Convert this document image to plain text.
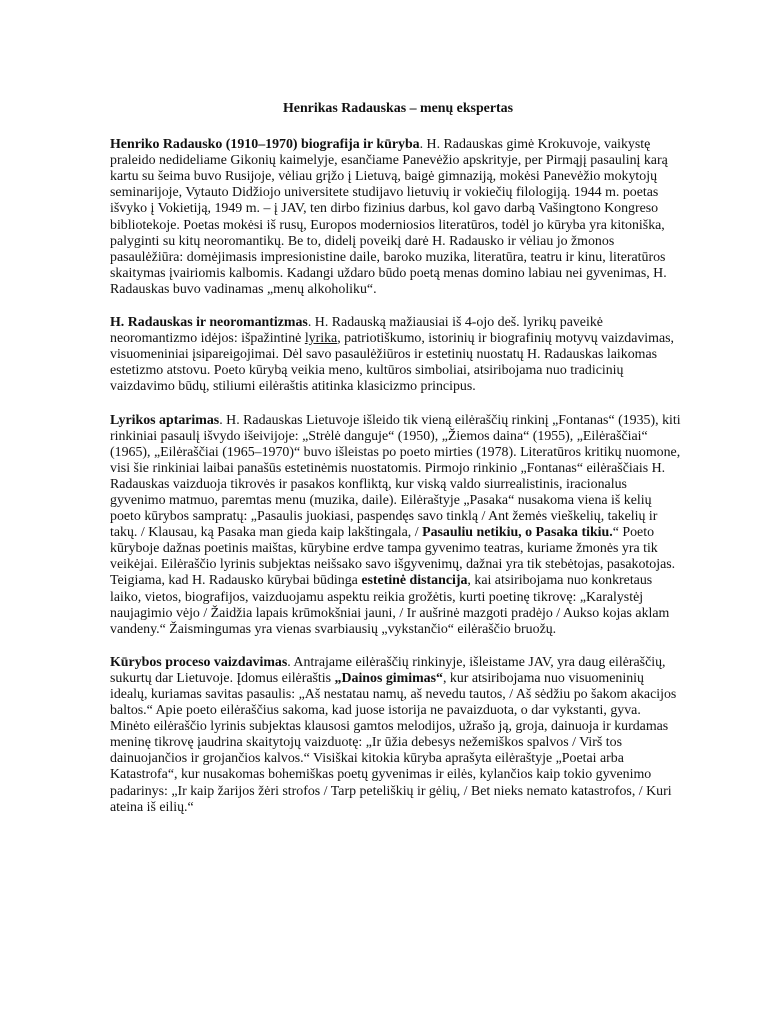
Henrikas Radauskas – menų ekspertas

Henriko Radausko (1910–1970) biografija ir kūryba. H. Radauskas gimė Krokuvoje, vaikystę praleido nedideliame Gikonių kaimelyje, esančiame Panevėžio apskrityje, per Pirmąjį pasaulinį karą kartu su šeima buvo Rusijoje, vėliau grįžo į Lietuvą, baigė gimnaziją, mokėsi Panevėžio mokytojų seminarijoje, Vytauto Didžiojo universitete studijavo lietuvių ir vokiečių filologiją. 1944 m. poetas išvyko į Vokietiją, 1949 m. – į JAV, ten dirbo fizinius darbus, kol gavo darbą Vašingtono Kongreso bibliotekoje. Poetas mokėsi iš rusų, Europos moderniosios literatūros, todėl jo kūryba yra kitoniška, palyginti su kitų neoromantikų. Be to, didelį poveikį darė H. Radausko ir vėliau jo žmonos pasaulėžiūra: domėjimasis impresionistine daile, baroko muzika, literatūra, teatru ir kinu, literatūros skaitymas įvairiomis kalbomis. Kadangi uždaro būdo poetą menas domino labiau nei gyvenimas, H. Radauskas buvo vadinamas „menų alkoholiku“.

H. Radauskas ir neoromantizmas. H. Radauską mažiausiai iš 4-ojo deš. lyrikų paveikė neoromantizmo idėjos: išpažintinė lyrika, patriotiškumo, istorinių ir biografinių motyvų vaizdavimas, visuomeniniai įsipareigojimai. Dėl savo pasaulėžiūros ir estetinių nuostatų H. Radauskas laikomas estetizmo atstovu. Poeto kūrybą veikia meno, kultūros simboliai, atsiribojama nuo tradicinių vaizdavimo būdų, stiliumi eilėraštis atitinka klasicizmo principus.

Lyrikos aptarimas. H. Radauskas Lietuvoje išleido tik vieną eilėraščių rinkinį „Fontanas“ (1935), kiti rinkiniai pasaulį išvydo išeivijoje: „Strėlė danguje“ (1950), „Žiemos daina“ (1955), „Eilėraščiai“ (1965), „Eilėraščiai (1965–1970)“ buvo išleistas po poeto mirties (1978). Literatūros kritikų nuomone, visi šie rinkiniai laibai panašūs estetinėmis nuostatomis. Pirmojo rinkinio „Fontanas“ eilėraščiais H. Radauskas vaizduoja tikrovės ir pasakos konfliktą, kur viską valdo siurrealistinis, iracionalus gyvenimo matmuo, paremtas menu (muzika, daile). Eilėraštyje „Pasaka“ nusakoma viena iš kelių poeto kūrybos sampratų: „Pasaulis juokiasi, paspendęs savo tinklą / Ant žemės vieškelių, takelių ir takų. / Klausau, ką Pasaka man gieda kaip lakštingala, / Pasauliu netikiu, o Pasaka tikiu.“ Poeto kūryboje dažnas poetinis maištas, kūrybine erdve tampa gyvenimo teatras, kuriame žmonės yra tik veikėjai. Eilėraščio lyrinis subjektas neišsako savo išgyvenimų, dažnai yra tik stebėtojas, pasakotojas. Teigiama, kad H. Radausko kūrybai būdinga estetinė distancija, kai atsiribojama nuo konkretaus laiko, vietos, biografijos, vaizduojamu aspektu reikia grožėtis, kurti poetinę tikrovę: „Karalystėj naujagimio vėjo / Žaidžia lapais krūmokšniai jauni, / Ir aušrinė mazgoti pradėjo / Aukso kojas aklam vandeny.“ Žaismingumas yra vienas svarbiausių „vykstančio“ eilėraščio bruožų.

Kūrybos proceso vaizdavimas. Antrajame eilėraščių rinkinyje, išleistame JAV, yra daug eilėraščių, sukurtų dar Lietuvoje. Įdomus eilėraštis „Dainos gimimas“, kur atsiribojama nuo visuomeninių idealų, kuriamas savitas pasaulis: „Aš nestatau namų, aš nevedu tautos, / Aš sėdžiu po šakom akacijos baltos.“ Apie poeto eilėraščius sakoma, kad juose istorija ne pavaizduota, o dar vykstanti, gyva. Minėto eilėraščio lyrinis subjektas klausosi gamtos melodijos, užrašo ją, groja, dainuoja ir kurdamas meninę tikrovę įaudrina skaitytojų vaizduotę: „Ir ūžia debesys nežemiškos spalvos / Virš tos dainuojančios ir grojančios kalvos.“ Visiškai kitokia kūryba aprašyta eilėraštyje „Poetai arba Katastrofa“, kur nusakomas bohemiškas poetų gyvenimas ir eilės, kylančios kaip tokio gyvenimo padarinys: „Ir kaip žarijos žėri strofos / Tarp peteliškių ir gėlių, / Bet nieks nemato katastrofos, / Kuri ateina iš eilių.“
